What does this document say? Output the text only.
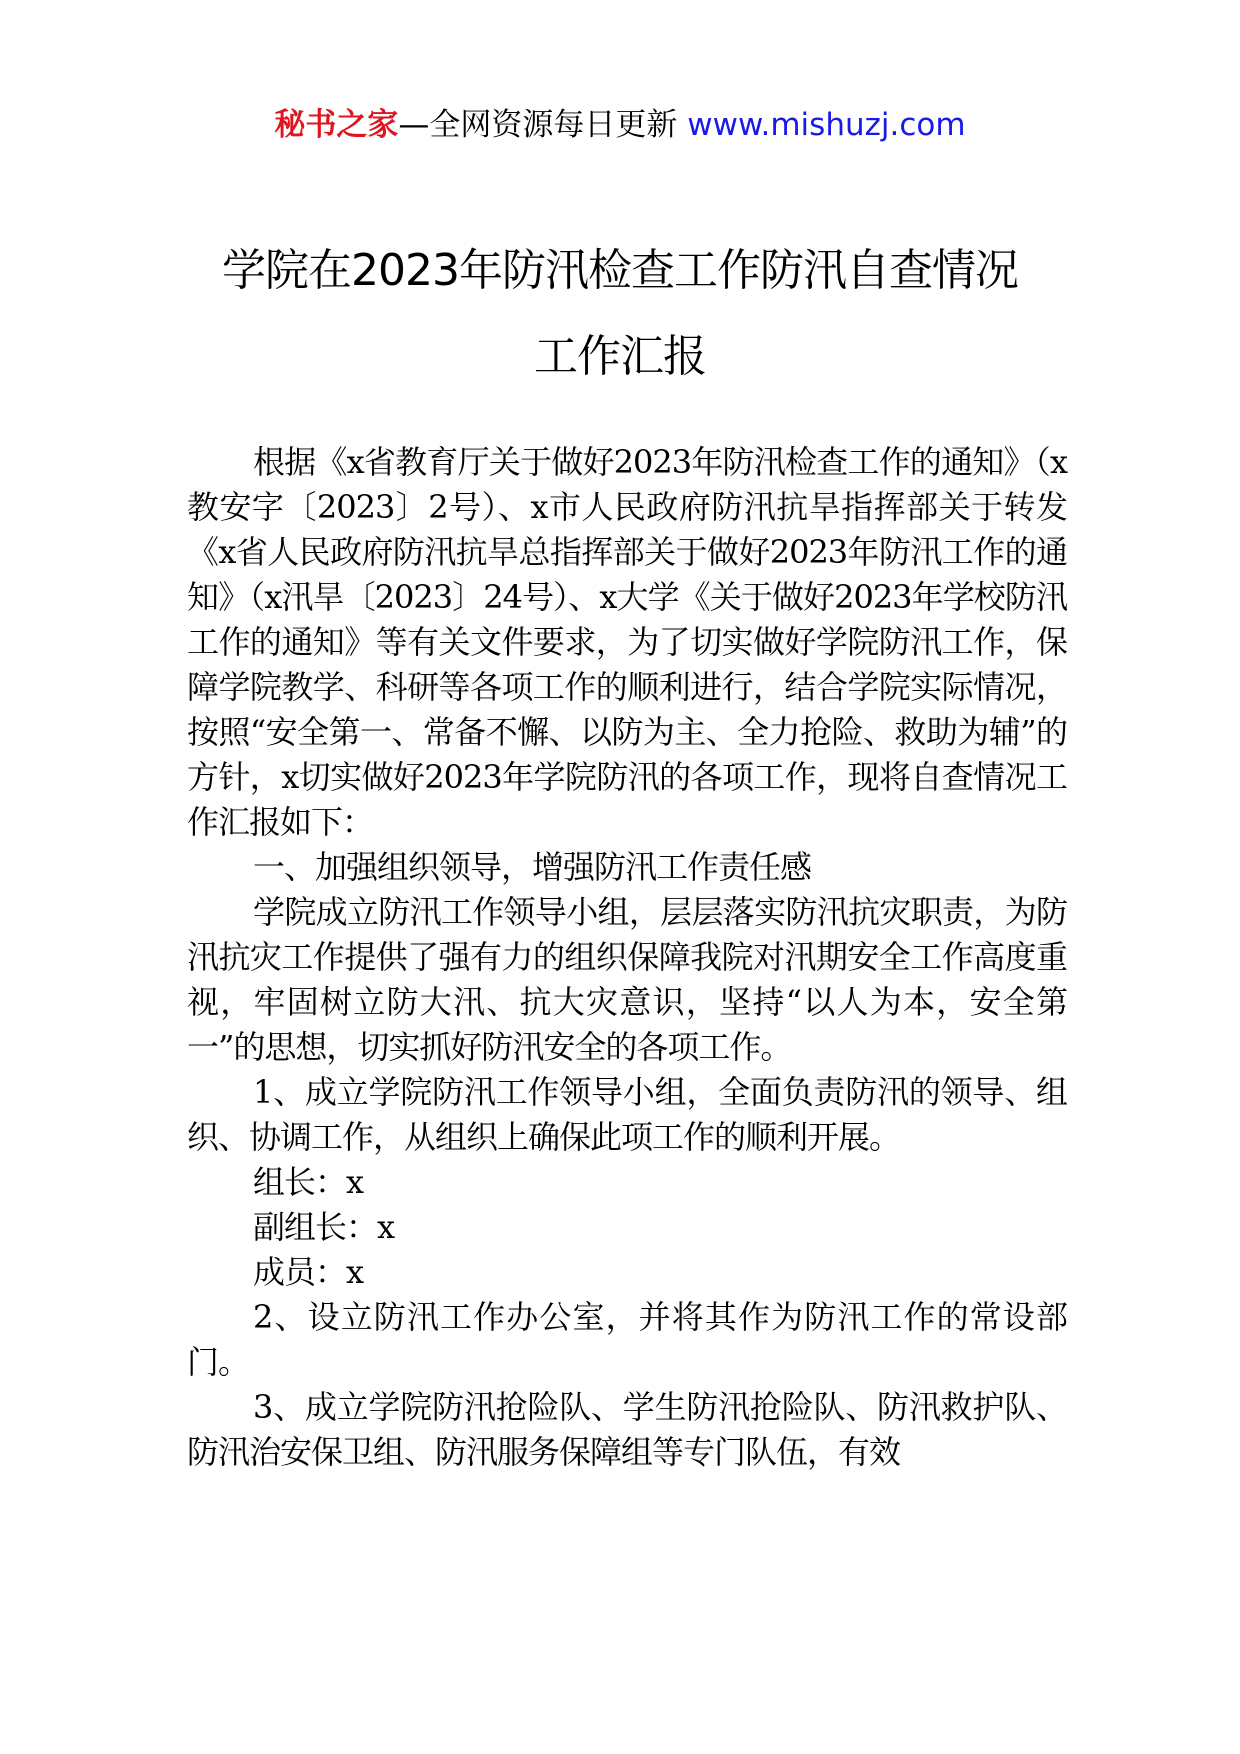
秘书之家—全网资源每日更新 www.mishuzj.com
学院在2023年防汛检查工作防汛自查情况
工作汇报

根据《x省教育厅关于做好2023年防汛检查工作的通知》（x教安字〔2023〕2号）、x市人民政府防汛抗旱指挥部关于转发《x省人民政府防汛抗旱总指挥部关于做好2023年防汛工作的通知》（x汛旱〔2023〕24号）、x大学《关于做好2023年学校防汛工作的通知》等有关文件要求，为了切实做好学院防汛工作，保障学院教学、科研等各项工作的顺利进行，结合学院实际情况，按照“安全第一、常备不懈、以防为主、全力抢险、救助为辅”的方针，x切实做好2023年学院防汛的各项工作，现将自查情况工作汇报如下：

一、加强组织领导，增强防汛工作责任感

学院成立防汛工作领导小组，层层落实防汛抗灾职责，为防汛抗灾工作提供了强有力的组织保障我院对汛期安全工作高度重视，牢固树立防大汛、抗大灾意识，坚持“以人为本，安全第一”的思想，切实抓好防汛安全的各项工作。

1、成立学院防汛工作领导小组，全面负责防汛的领导、组织、协调工作，从组织上确保此项工作的顺利开展。

组长：x

副组长：x

成员：x

2、设立防汛工作办公室，并将其作为防汛工作的常设部门。

3、成立学院防汛抢险队、学生防汛抢险队、防汛救护队、防汛治安保卫组、防汛服务保障组等专门队伍，有效
